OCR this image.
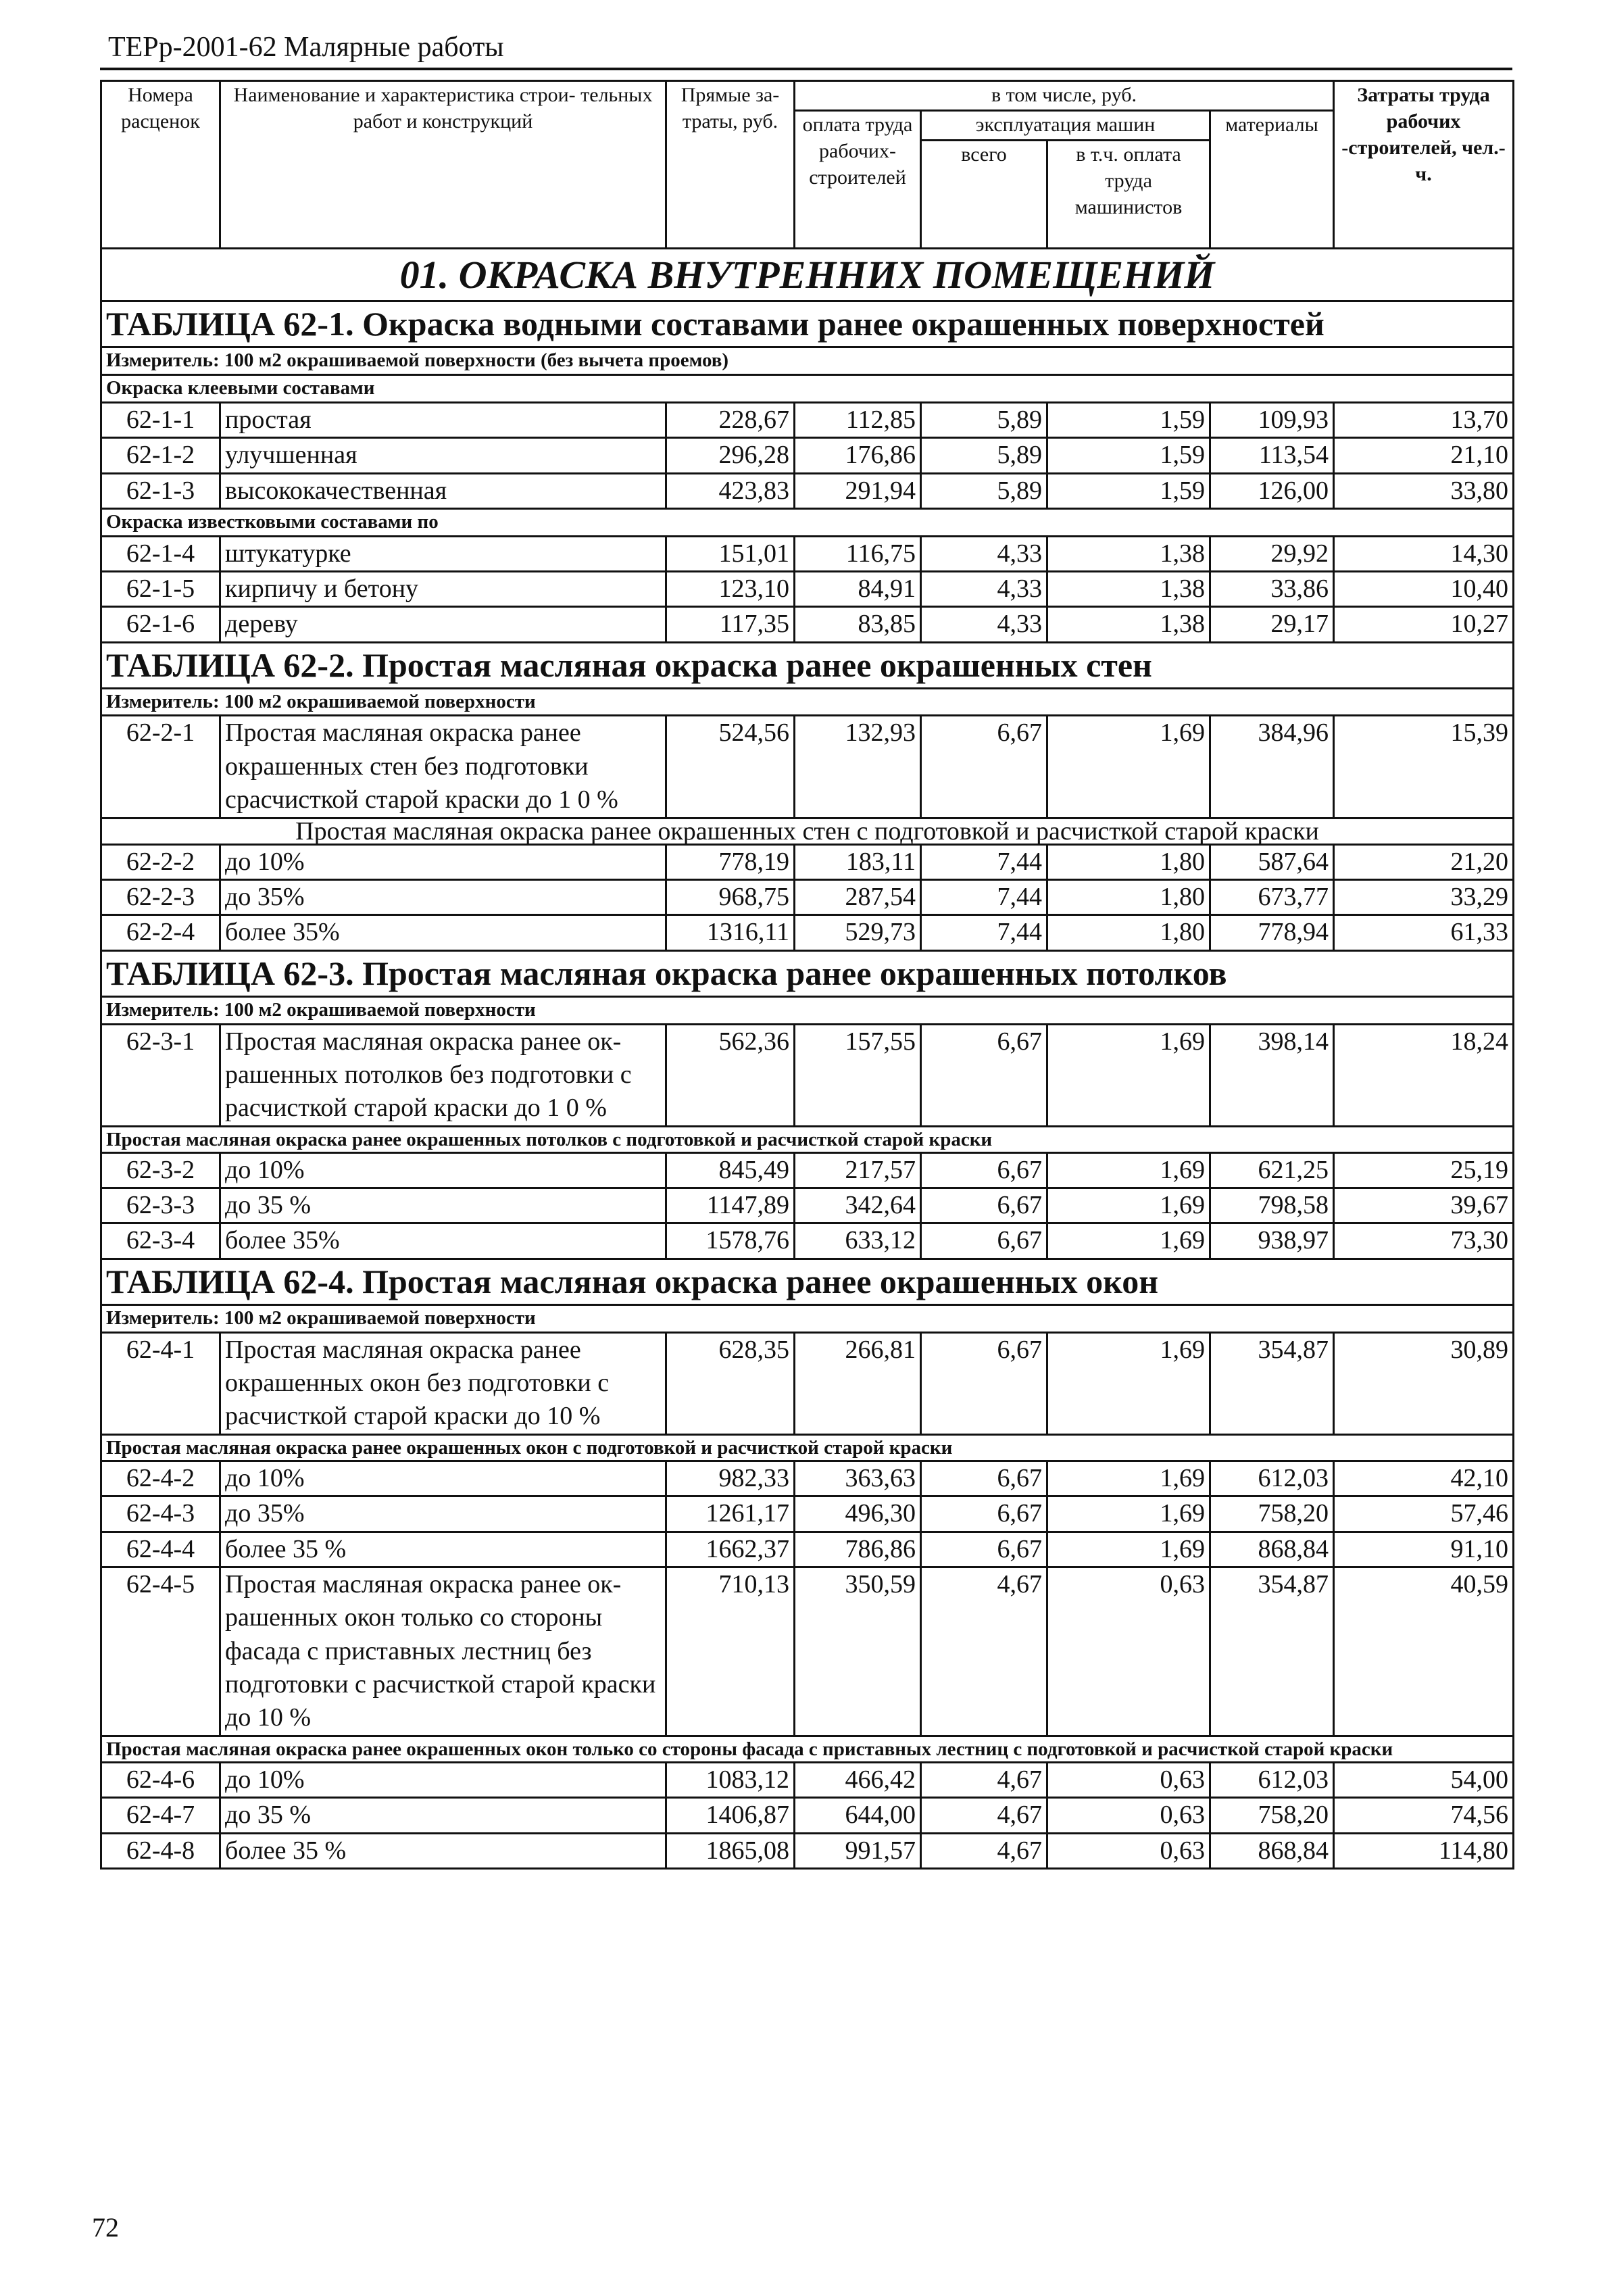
ТЕРр-2001-62 Малярные работы
Номера расценок	Наименование и характеристика строи- тельных работ и конструкций	Прямые за- траты, руб.	в том числе, руб.				Затраты труда рабочих -строителей, чел.-ч.
			оплата труда рабочих- строителей	эксплуатация машин		материалы	
				всего	в т.ч. оплата труда машинистов		
01. ОКРАСКА ВНУТРЕННИХ ПОМЕЩЕНИЙ							
ТАБЛИЦА 62-1. Окраска водными составами ранее окрашенных поверхностей							
Измеритель: 100 м2 окрашиваемой поверхности (без вычета проемов)							
Окраска клеевыми составами							
62-1-1	простая	228,67	112,85	5,89	1,59	109,93	13,70
62-1-2	улучшенная	296,28	176,86	5,89	1,59	113,54	21,10
62-1-3	высококачественная	423,83	291,94	5,89	1,59	126,00	33,80
Окраска известковыми составами по							
62-1-4	штукатурке	151,01	116,75	4,33	1,38	29,92	14,30
62-1-5	кирпичу и бетону	123,10	84,91	4,33	1,38	33,86	10,40
62-1-6	дереву	117,35	83,85	4,33	1,38	29,17	10,27
ТАБЛИЦА 62-2. Простая масляная окраска ранее окрашенных стен							
Измеритель: 100 м2 окрашиваемой поверхности							
62-2-1	Простая масляная окраска ранее окрашенных стен без подготовки срасчисткой старой краски до 1 0 %	524,56	132,93	6,67	1,69	384,96	15,39
Простая масляная окраска ранее окрашенных стен с подготовкой и расчисткой старой краски							
62-2-2	до 10%	778,19	183,11	7,44	1,80	587,64	21,20
62-2-3	до 35%	968,75	287,54	7,44	1,80	673,77	33,29
62-2-4	более 35%	1316,11	529,73	7,44	1,80	778,94	61,33
ТАБЛИЦА 62-3. Простая масляная окраска ранее окрашенных потолков							
Измеритель: 100 м2 окрашиваемой поверхности							
62-3-1	Простая масляная окраска ранее ок- рашенных потолков без подготовки с расчисткой старой краски до 1 0 %	562,36	157,55	6,67	1,69	398,14	18,24
Простая масляная окраска ранее окрашенных потолков с подготовкой и расчисткой старой краски							
62-3-2	до 10%	845,49	217,57	6,67	1,69	621,25	25,19
62-3-3	до 35 %	1147,89	342,64	6,67	1,69	798,58	39,67
62-3-4	более 35%	1578,76	633,12	6,67	1,69	938,97	73,30
ТАБЛИЦА 62-4. Простая масляная окраска ранее окрашенных окон							
Измеритель: 100 м2 окрашиваемой поверхности							
62-4-1	Простая масляная окраска ранее окрашенных окон без подготовки с расчисткой старой краски до 10 %	628,35	266,81	6,67	1,69	354,87	30,89
Простая масляная окраска ранее окрашенных окон с подготовкой и расчисткой старой краски							
62-4-2	до 10%	982,33	363,63	6,67	1,69	612,03	42,10
62-4-3	до 35%	1261,17	496,30	6,67	1,69	758,20	57,46
62-4-4	более 35 %	1662,37	786,86	6,67	1,69	868,84	91,10
62-4-5	Простая масляная окраска ранее ок- рашенных окон только со стороны фасада с приставных лестниц без подготовки с расчисткой старой краски до 10 %	710,13	350,59	4,67	0,63	354,87	40,59
Простая масляная окраска ранее окрашенных окон только со стороны фасада с приставных лестниц с подготовкой и расчисткой старой краски							
62-4-6	до 10%	1083,12	466,42	4,67	0,63	612,03	54,00
62-4-7	до 35 %	1406,87	644,00	4,67	0,63	758,20	74,56
62-4-8	более 35 %	1865,08	991,57	4,67	0,63	868,84	114,80
72
